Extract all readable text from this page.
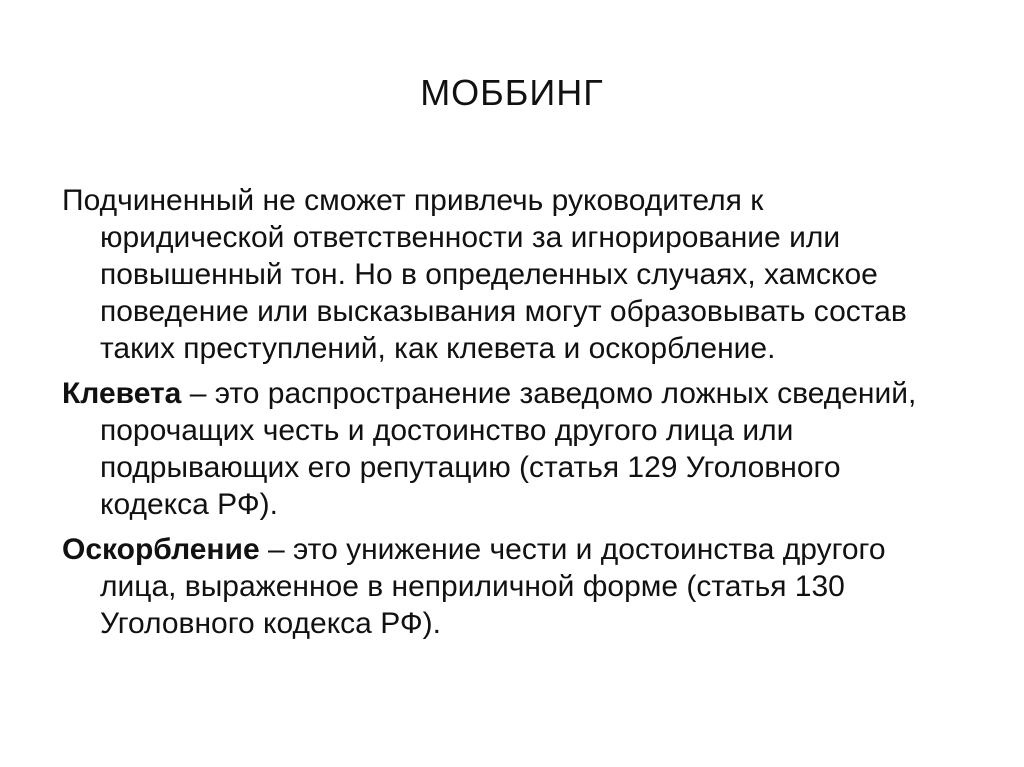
МОББИНГ

Подчиненный не сможет привлечь руководителя к юридической ответственности за игнорирование или повышенный тон. Но в определенных случаях, хамское поведение или высказывания могут образовывать состав таких преступлений, как клевета и оскорбление.

Клевета – это распространение заведомо ложных сведений, порочащих честь и достоинство другого лица или подрывающих его репутацию (статья 129 Уголовного кодекса РФ).

Оскорбление – это унижение чести и достоинства другого лица, выраженное в неприличной форме (статья 130 Уголовного кодекса РФ).
